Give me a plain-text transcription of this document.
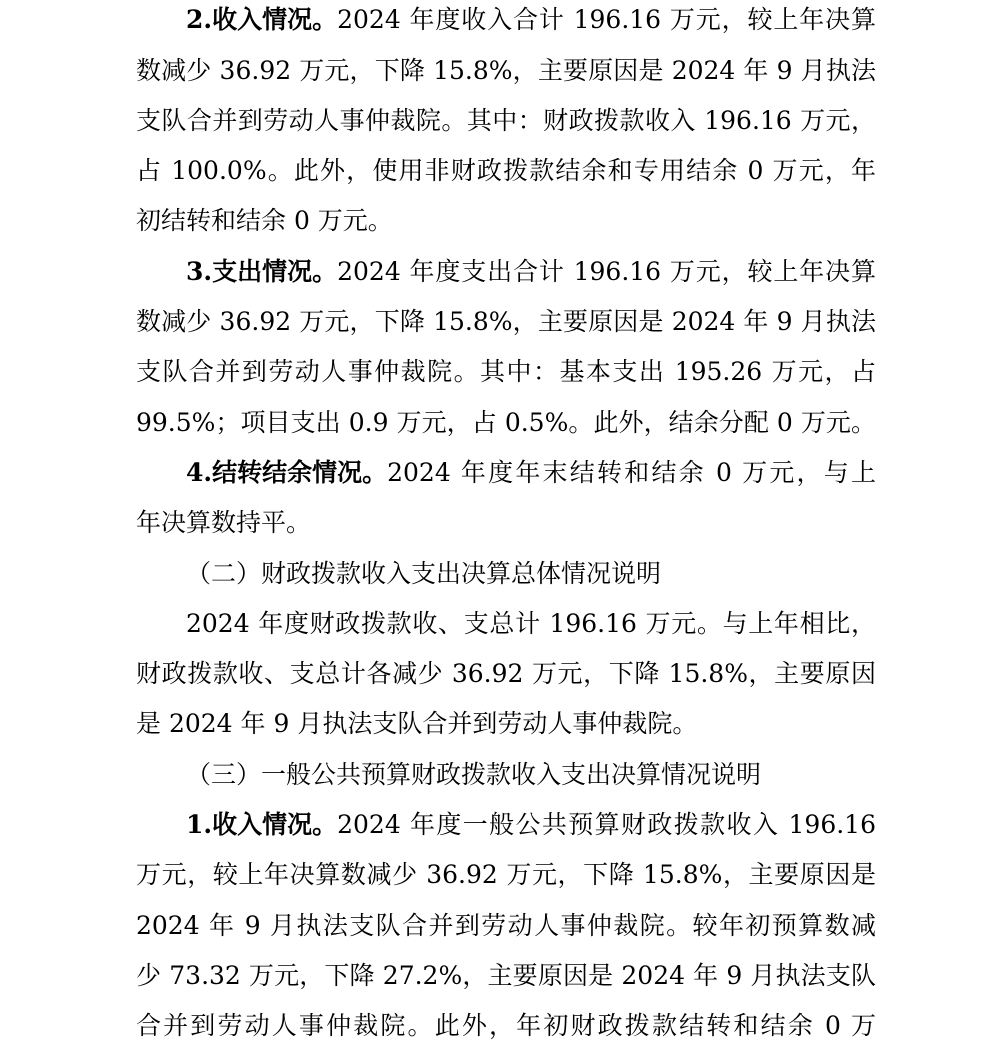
2.收入情况。 2024 年度收入合计 196.16 万元，较上年决算
数减少 36.92 万元，下降 15.8%，主要原因是 2024 年 9 月执法
支队合并到劳动人事仲裁院。其中：财政拨款收入 196.16 万元，
占 100.0%。此外，使用非财政拨款结余和专用结余 0 万元，年
初结转和结余 0 万元。
3.支出情况。 2024 年度支出合计 196.16 万元，较上年决算
数减少 36.92 万元，下降 15.8%，主要原因是 2024 年 9 月执法
支队合并到劳动人事仲裁院。其中：基本支出 195.26 万元，占
99.5%；项目支出 0.9 万元，占 0.5%。此外，结余分配 0 万元。
4.结转结余情况。 2024 年度年末结转和结余 0 万元，与上
年决算数持平。
（二）财政拨款收入支出决算总体情况说明
2024 年度财政拨款收、支总计 196.16 万元。与上年相比，
财政拨款收、支总计各减少 36.92 万元，下降 15.8%，主要原因
是 2024 年 9 月执法支队合并到劳动人事仲裁院。
（三）一般公共预算财政拨款收入支出决算情况说明
1.收入情况。 2024 年度一般公共预算财政拨款收入 196.16
万元，较上年决算数减少 36.92 万元，下降 15.8%，主要原因是
2024 年 9 月执法支队合并到劳动人事仲裁院。较年初预算数减
少 73.32 万元，下降 27.2%，主要原因是 2024 年 9 月执法支队
合并到劳动人事仲裁院。此外，年初财政拨款结转和结余 0 万
